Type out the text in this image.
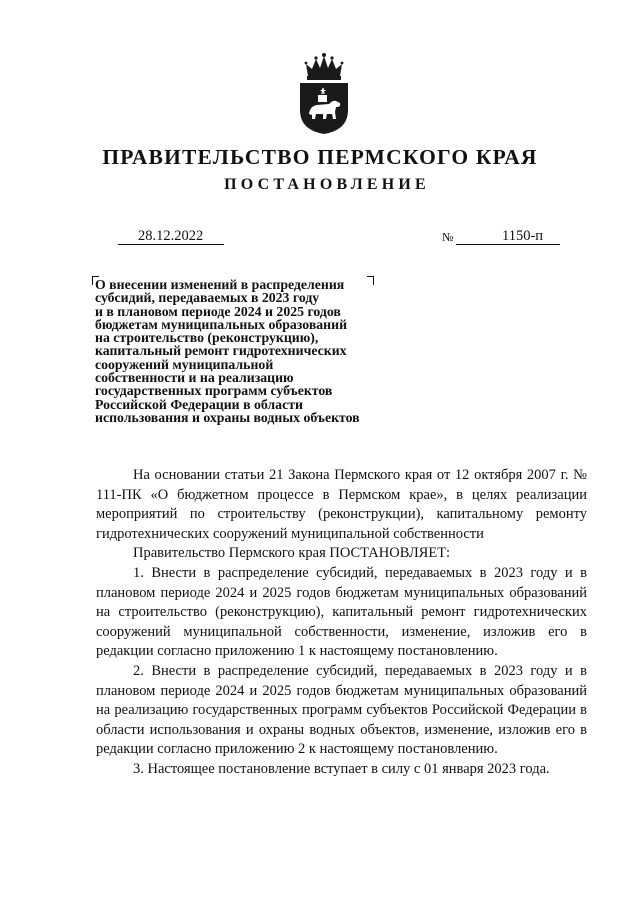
ПРАВИТЕЛЬСТВО ПЕРМСКОГО КРАЯ
ПОСТАНОВЛЕНИЕ
28.12.2022	№	1150-п

О внесении изменений в распределения
субсидий, передаваемых в 2023 году
и в плановом периоде 2024 и 2025 годов
бюджетам муниципальных образований
на строительство (реконструкцию),
капитальный ремонт гидротехнических
сооружений муниципальной
собственности и на реализацию
государственных программ субъектов
Российской Федерации в области
использования и охраны водных объектов

На основании статьи 21 Закона Пермского края от 12 октября 2007 г. № 111-ПК «О бюджетном процессе в Пермском крае», в целях реализации мероприятий по строительству (реконструкции), капитальному ремонту гидротехнических сооружений муниципальной собственности

Правительство Пермского края ПОСТАНОВЛЯЕТ:

1. Внести в распределение субсидий, передаваемых в 2023 году и в плановом периоде 2024 и 2025 годов бюджетам муниципальных образований на строительство (реконструкцию), капитальный ремонт гидротехнических сооружений муниципальной собственности, изменение, изложив его в редакции согласно приложению 1 к настоящему постановлению.

2. Внести в распределение субсидий, передаваемых в 2023 году и в плановом периоде 2024 и 2025 годов бюджетам муниципальных образований на реализацию государственных программ субъектов Российской Федерации в области использования и охраны водных объектов, изменение, изложив его в редакции согласно приложению 2 к настоящему постановлению.

3. Настоящее постановление вступает в силу с 01 января 2023 года.
